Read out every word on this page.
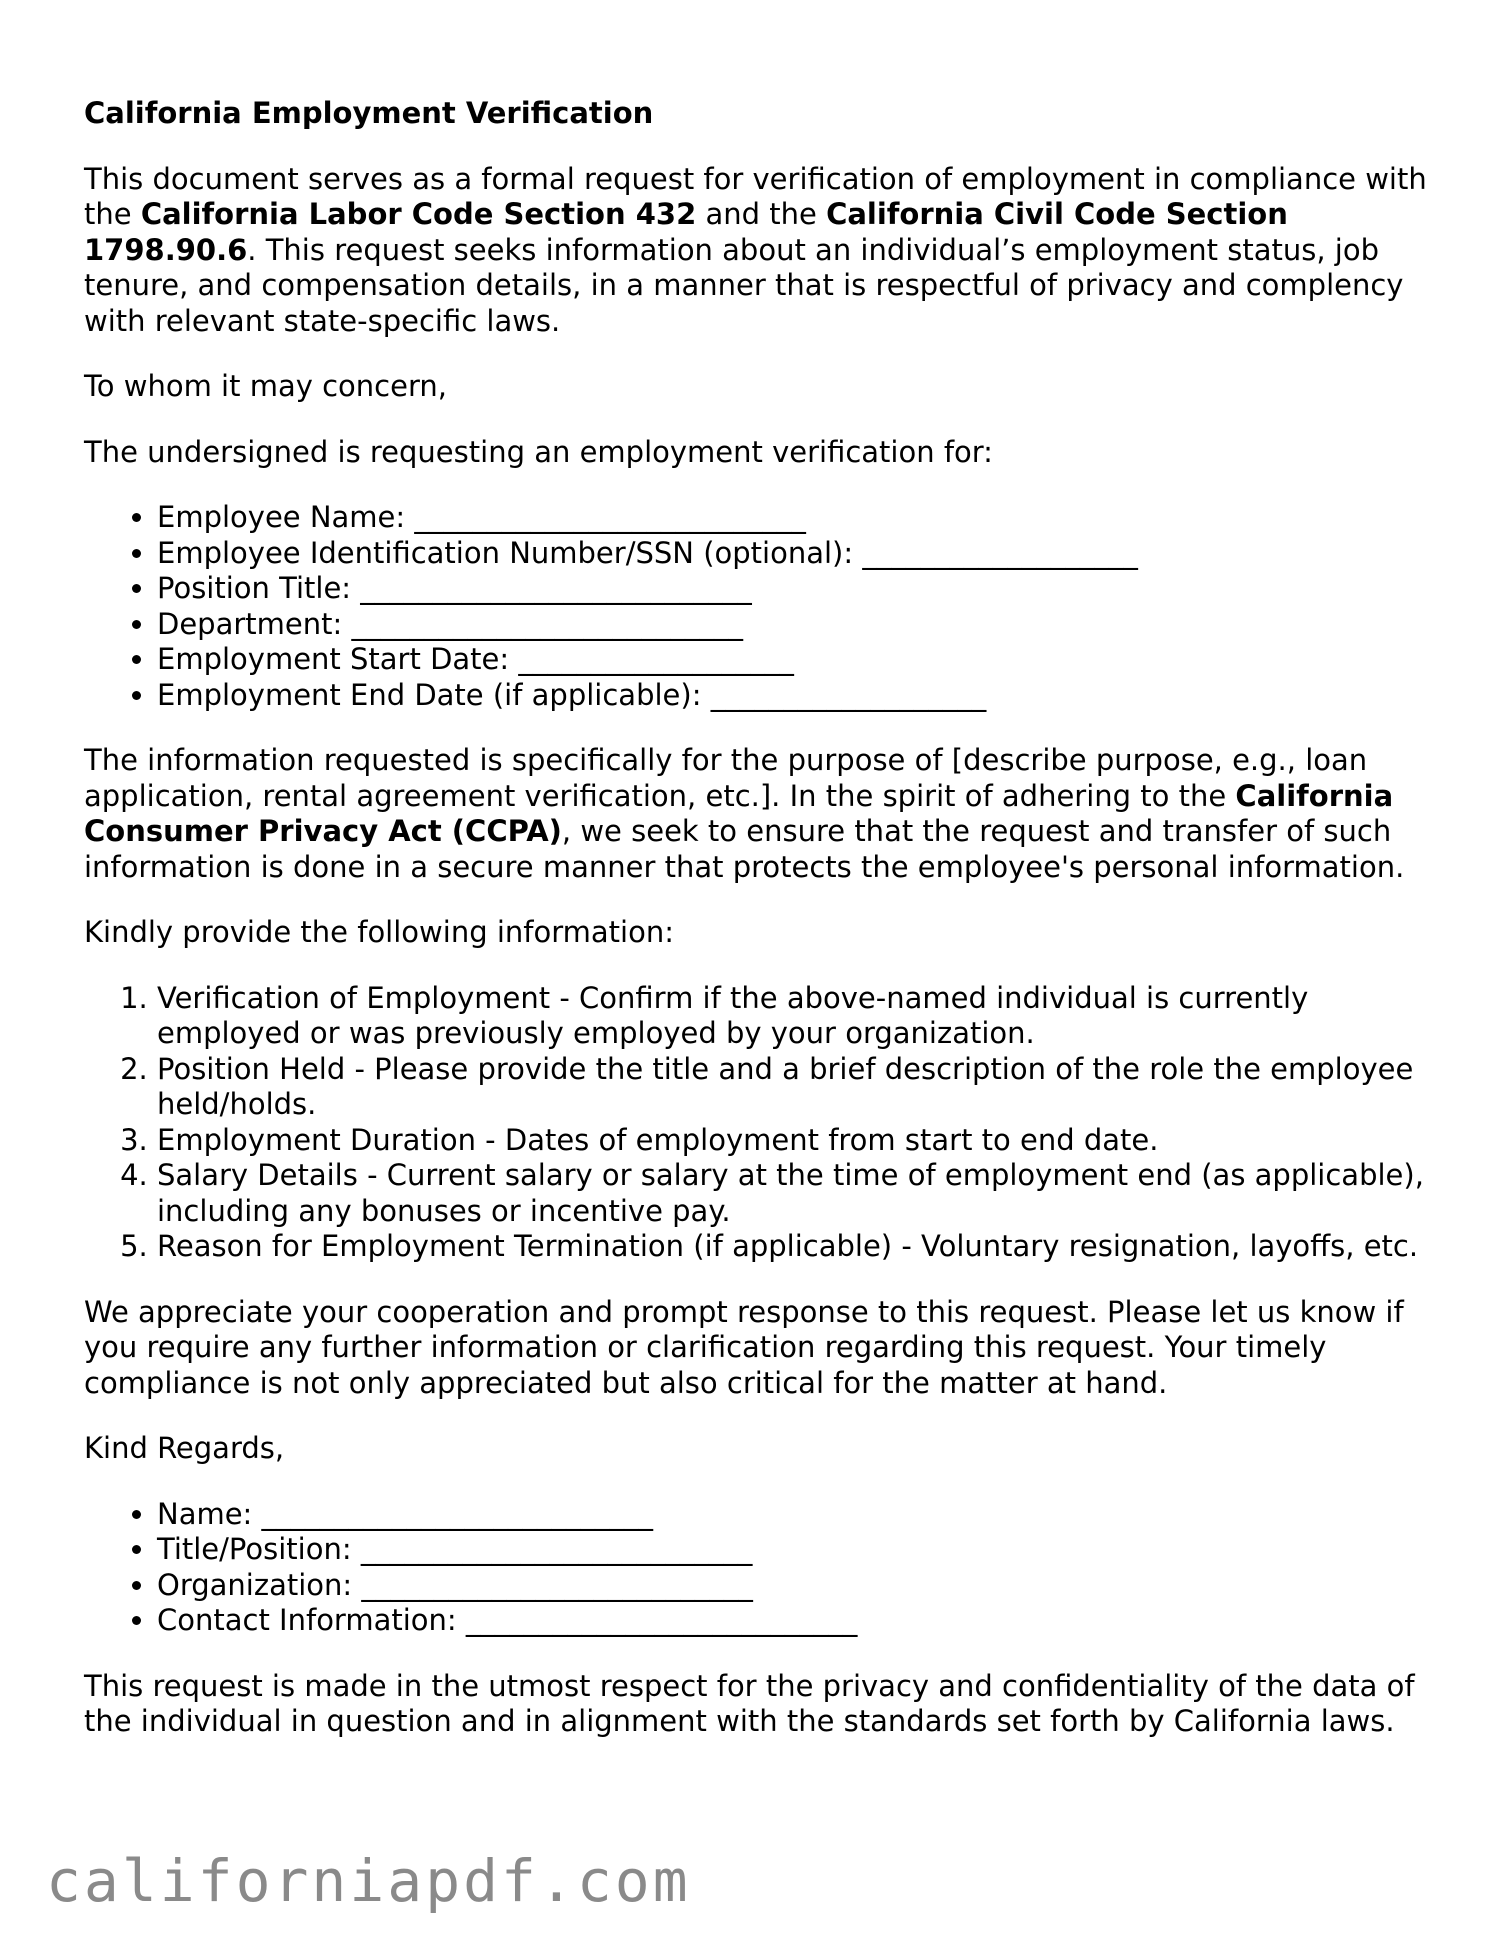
California Employment Verification

This document serves as a formal request for verification of employment in compliance with the California Labor Code Section 432 and the California Civil Code Section 1798.90.6. This request seeks information about an individual’s employment status, job tenure, and compensation details, in a manner that is respectful of privacy and complency with relevant state-specific laws.

To whom it may concern,

The undersigned is requesting an employment verification for:

• Employee Name: ___________________________
• Employee Identification Number/SSN (optional): ___________________
• Position Title: ___________________________
• Department: ___________________________
• Employment Start Date: ___________________
• Employment End Date (if applicable): ___________________

The information requested is specifically for the purpose of [describe purpose, e.g., loan application, rental agreement verification, etc.]. In the spirit of adhering to the California Consumer Privacy Act (CCPA), we seek to ensure that the request and transfer of such information is done in a secure manner that protects the employee's personal information.

Kindly provide the following information:

1. Verification of Employment - Confirm if the above-named individual is currently employed or was previously employed by your organization.
2. Position Held - Please provide the title and a brief description of the role the employee held/holds.
3. Employment Duration - Dates of employment from start to end date.
4. Salary Details - Current salary or salary at the time of employment end (as applicable), including any bonuses or incentive pay.
5. Reason for Employment Termination (if applicable) - Voluntary resignation, layoffs, etc.

We appreciate your cooperation and prompt response to this request. Please let us know if you require any further information or clarification regarding this request. Your timely compliance is not only appreciated but also critical for the matter at hand.

Kind Regards,

• Name: ___________________________
• Title/Position: ___________________________
• Organization: ___________________________
• Contact Information: ___________________________

This request is made in the utmost respect for the privacy and confidentiality of the data of the individual in question and in alignment with the standards set forth by California laws.

californiapdf.com
